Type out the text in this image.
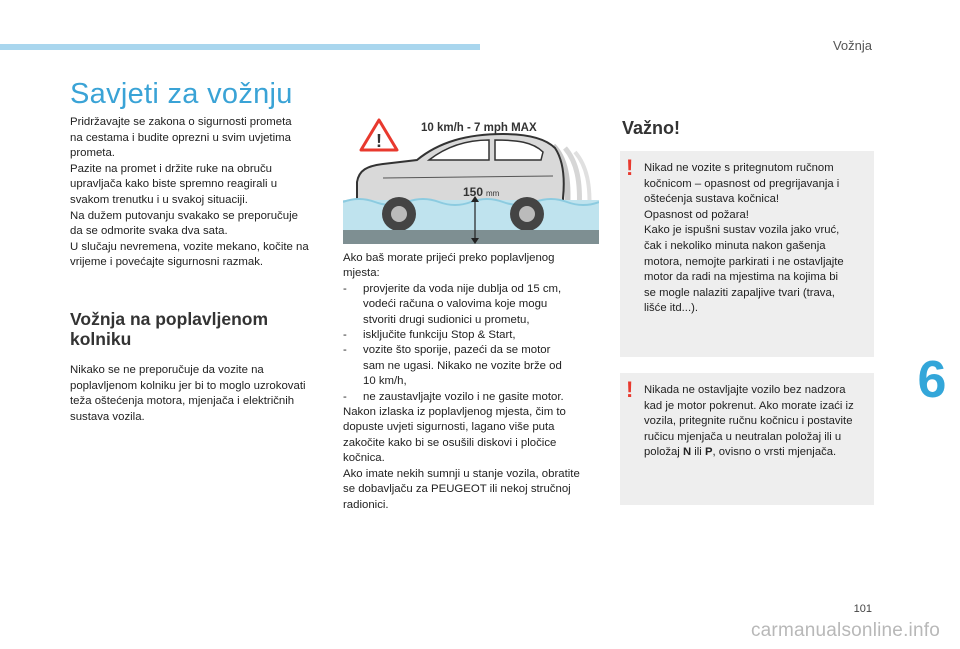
Vožnja
6
101
carmanualsonline.info
Savjeti za vožnju

Pridržavajte se zakona o sigurnosti prometa
na cestama i budite oprezni u svim uvjetima
prometa.
Pazite na promet i držite ruke na obruču
upravljača kako biste spremno reagirali u
svakom trenutku i u svakoj situaciji.
Na dužem putovanju svakako se preporučuje
da se odmorite svaka dva sata.
U slučaju nevremena, vozite mekano, kočite na
vrijeme i povećajte sigurnosni razmak.

Vožnja na poplavljenom
kolniku

Nikako se ne preporučuje da vozite na
poplavljenom kolniku jer bi to moglo uzrokovati
teža oštećenja motora, mjenjača i električnih
sustava vozila.

!
10 km/h - 7 mph MAX
150 mm
Ako baš morate prijeći preko poplavljenog
mjesta:
-	provjerite da voda nije dublja od 15 cm,
vodeći računa o valovima koje mogu
stvoriti drugi sudionici u prometu,
-	isključite funkciju Stop & Start,
-	vozite što sporije, pazeći da se motor
sam ne ugasi. Nikako ne vozite brže od
10 km/h,
-	ne zaustavljajte vozilo i ne gasite motor.
Nakon izlaska iz poplavljenog mjesta, čim to
dopuste uvjeti sigurnosti, lagano više puta
zakočite kako bi se osušili diskovi i pločice
kočnica.
Ako imate nekih sumnji u stanje vozila, obratite
se dobavljaču za PEUGEOT ili nekoj stručnoj
radionici.
Važno!
! Nikad ne vozite s pritegnutom ručnom
kočnicom – opasnost od pregrijavanja i
oštećenja sustava kočnica!
Opasnost od požara!
Kako je ispušni sustav vozila jako vruć,
čak i nekoliko minuta nakon gašenja
motora, nemojte parkirati i ne ostavljajte
motor da radi na mjestima na kojima bi
se mogle nalaziti zapaljive tvari (trava,
lišće itd...).
! Nikada ne ostavljajte vozilo bez nadzora
kad je motor pokrenut. Ako morate izaći iz
vozila, pritegnite ručnu kočnicu i postavite
ručicu mjenjača u neutralan položaj ili u
položaj N ili P, ovisno o vrsti mjenjača.
